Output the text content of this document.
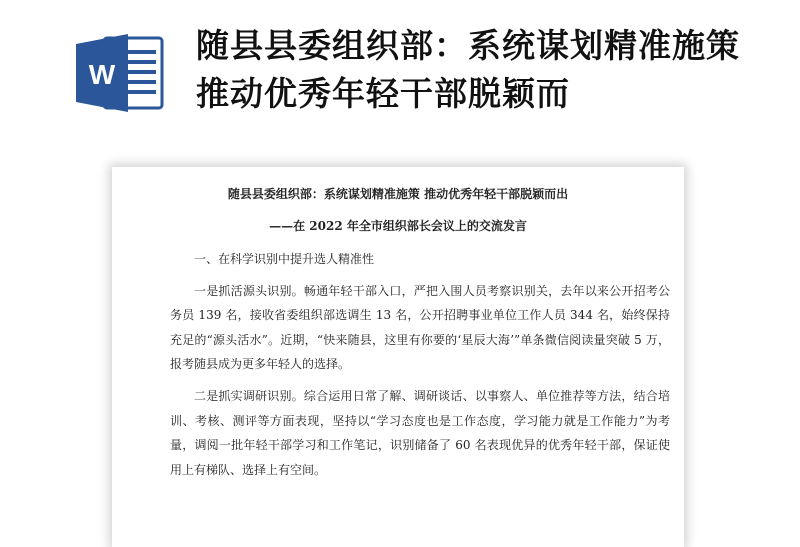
W
随县县委组织部：系统谋划精准施策 推动优秀年轻干部脱颖而
随县县委组织部：系统谋划精准施策 推动优秀年轻干部脱颖而出
——在 2022 年全市组织部长会议上的交流发言

一、在科学识别中提升选人精准性

一是抓活源头识别。畅通年轻干部入口，严把入围人员考察识别关，去年以来公开招考公务员 139 名，接收省委组织部选调生 13 名，公开招聘事业单位工作人员 344 名，始终保持充足的“源头活水”。近期，“快来随县，这里有你要的‘星辰大海’”单条微信阅读量突破 5 万，报考随县成为更多年轻人的选择。

二是抓实调研识别。综合运用日常了解、调研谈话、以事察人、单位推荐等方法，结合培训、考核、测评等方面表现，坚持以“学习态度也是工作态度，学习能力就是工作能力”为考量，调阅一批年轻干部学习和工作笔记，识别储备了 60 名表现优异的优秀年轻干部，保证使用上有梯队、选择上有空间。
